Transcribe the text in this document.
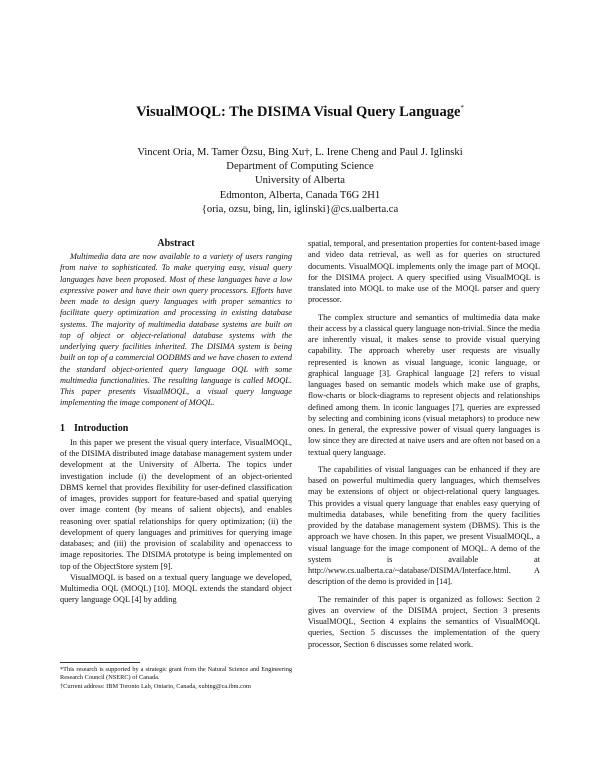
VisualMOQL: The DISIMA Visual Query Language*
Vincent Oria, M. Tamer Özsu, Bing Xu†, L. Irene Cheng and Paul J. Iglinski
Department of Computing Science
University of Alberta
Edmonton, Alberta, Canada T6G 2H1
{oria, ozsu, bing, lin, iglinski}@cs.ualberta.ca
Abstract

Multimedia data are now available to a variety of users ranging from naive to sophisticated. To make querying easy, visual query languages have been proposed. Most of these languages have a low expressive power and have their own query processors. Efforts have been made to design query languages with proper semantics to facilitate query optimization and processing in existing database systems. The majority of multimedia database systems are built on top of object or object-relational database systems with the underlying query facilities inherited. The DISIMA system is being built on top of a commercial OODBMS and we have chosen to extend the standard object-oriented query language OQL with some multimedia functionalities. The resulting language is called MOQL. This paper presents VisualMOQL, a visual query language implementing the image component of MOQL.

1 Introduction

In this paper we present the visual query interface, VisualMOQL, of the DISIMA distributed image database management system under development at the University of Alberta. The topics under investigation include (i) the development of an object-oriented DBMS kernel that provides flexibility for user-defined classification of images, provides support for feature-based and spatial querying over image content (by means of salient objects), and enables reasoning over spatial relationships for query optimization; (ii) the development of query languages and primitives for querying image databases; and (iii) the provision of scalability and openaccess to image repositories. The DISIMA prototype is being implemented on top of the ObjectStore system [9].

VisualMOQL is based on a textual query language we developed, Multimedia OQL (MOQL) [10]. MOQL extends the standard object query language OQL [4] by adding

spatial, temporal, and presentation properties for content-based image and video data retrieval, as well as for queries on structured documents. VisualMOQL implements only the image part of MOQL for the DISIMA project. A query specified using VisualMOQL is translated into MOQL to make use of the MOQL parser and query processor.

The complex structure and semantics of multimedia data make their access by a classical query language non-trivial. Since the media are inherently visual, it makes sense to provide visual querying capability. The approach whereby user requests are visually represented is known as visual language, iconic language, or graphical language [3]. Graphical language [2] refers to visual languages based on semantic models which make use of graphs, flow-charts or block-diagrams to represent objects and relationships defined among them. In iconic languages [7], queries are expressed by selecting and combining icons (visual metaphors) to produce new ones. In general, the expressive power of visual query languages is low since they are directed at naive users and are often not based on a textual query language.

The capabilities of visual languages can be enhanced if they are based on powerful multimedia query languages, which themselves may be extensions of object or object-relational query languages. This provides a visual query language that enables easy querying of multimedia databases, while benefiting from the query facilities provided by the database management system (DBMS). This is the approach we have chosen. In this paper, we present VisualMOQL, a visual language for the image component of MOQL. A demo of the system is available at http://www.cs.ualberta.ca/~database/DISIMA/Interface.html. A description of the demo is provided in [14].

The remainder of this paper is organized as follows: Section 2 gives an overview of the DISIMA project, Section 3 presents VisualMOQL, Section 4 explains the semantics of VisualMOQL queries, Section 5 discusses the implementation of the query processor, Section 6 discusses some related work.

*This research is supported by a strategic grant from the Natural Science and Engineering Research Council (NSERC) of Canada.
†Current address: IBM Toronto Lab, Ontario, Canada, xubing@ca.ibm.com
